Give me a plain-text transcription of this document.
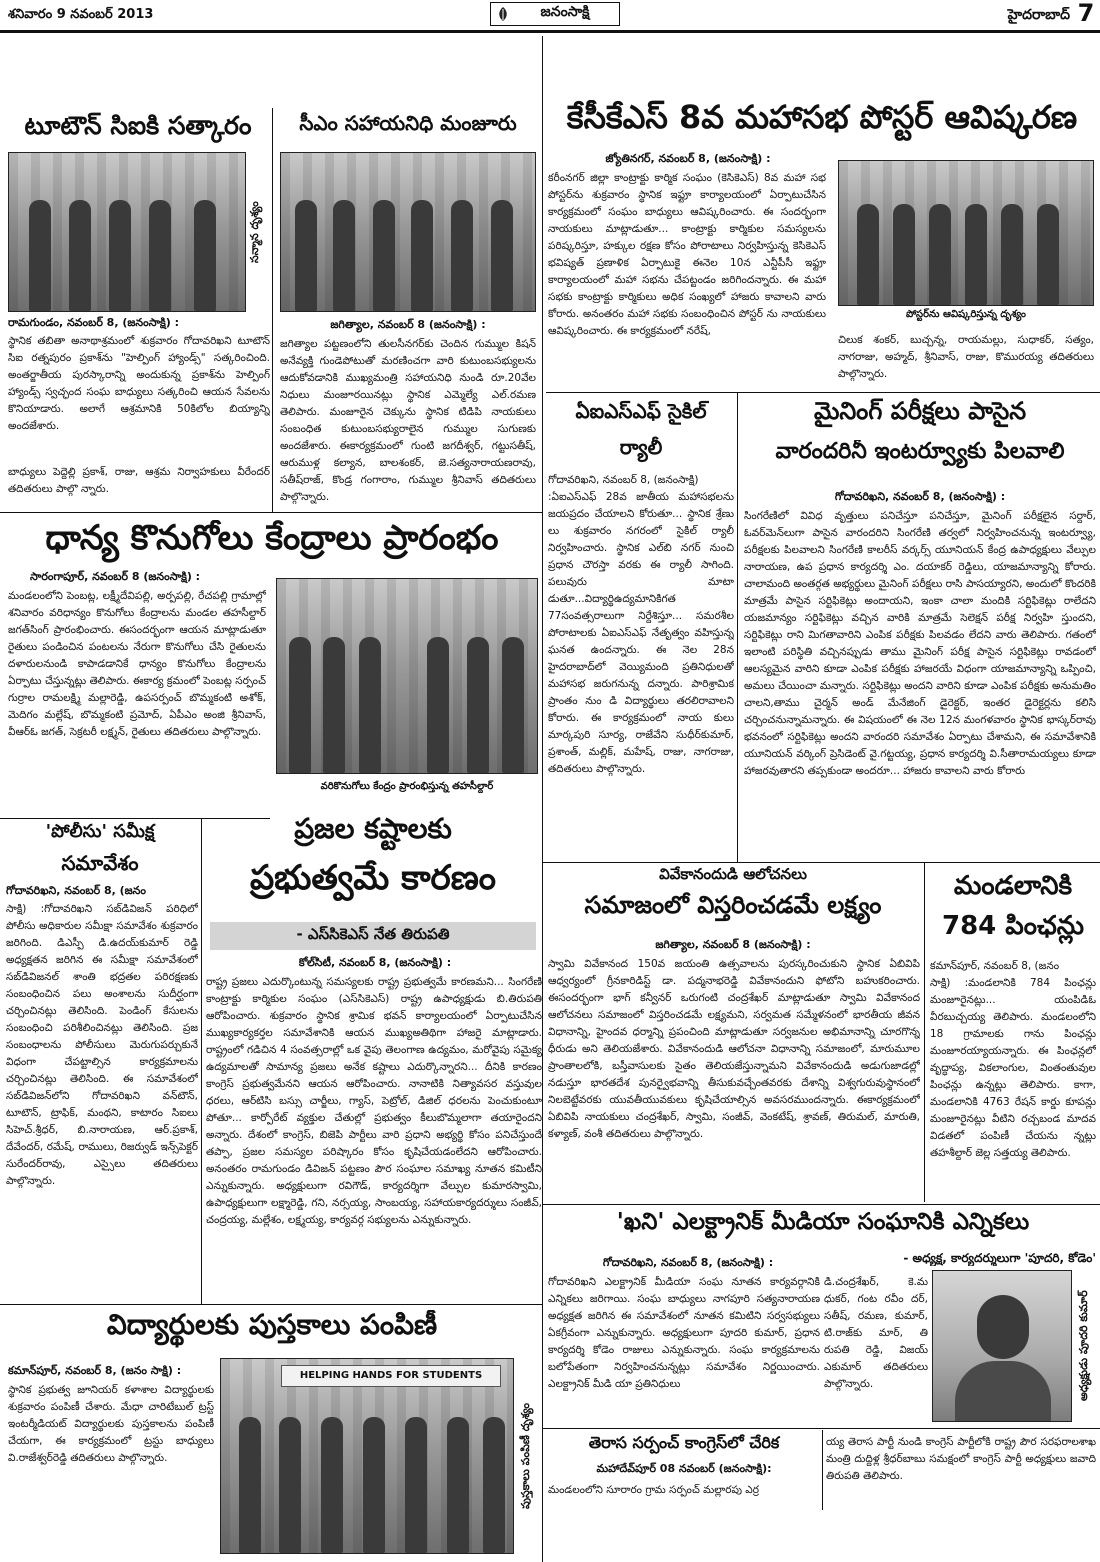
శనివారం 9 నవంబర్ 2013	జనంసాక్షి	హైదరాబాద్ 7
టూటౌన్ సిఐకి సత్కారం
సన్మాన దృశ్యం
రామగుండం, నవంబర్ 8, (జనంసాక్షి) :
స్థానిక తబితా అనాథాశ్రమంలో శుక్రవారం గోదావరిఖని టూటౌన్ సిఐ రత్నపురం ప్రకాశ్‌ను "హెల్పింగ్ హ్యాండ్స్‌" సత్కరించింది. అంతర్జాతీయ పురస్కారాన్ని అందుకున్న ప్రకాశ్‌ను హెల్పింగ్ హ్యాండ్స్ స్వచ్ఛంద సంఘ బాధ్యులు సత్కరించి ఆయన సేవలను కొనియాడారు. అలాగే ఆశ్రమానికి 50కిలోల బియ్యాన్ని అందజేశారు.
బాధ్యులు పెద్దెల్లి ప్రకాశ్, రాజు, ఆశ్రమ నిర్వాహకులు వీరేందర్ తదితరులు పాల్గొ న్నారు.
సీఎం సహాయనిధి మంజూరు
జగిత్యాల, నవంబర్ 8 (జనంసాక్షి) :
జగిత్యాల పట్టణంలోని తులసీనగర్‌కు చెందిన గుమ్ముల కిషన్ అనేవ్యక్తి గుండెపోటుతో మరణించగా వారి కుటుంబసభ్యులను ఆదుకోవడానికి ముఖ్యమంత్రి సహాయనిధి నుండి రూ.20వేల నిధులు మంజూరయినట్లు స్థానిక ఎమ్మెల్యే ఎల్.రమణ తెలిపారు. మంజూరైన చెక్కును స్థానిక టిడిపి నాయకులు సంబంధిత కుటుంబసభ్యురాలైన గుమ్ముల సుగుణకు అందజేశారు. ఈకార్యక్రమంలో గుంటి జగదీశ్వర్, గట్టుసతీష్, ఆరుముళ్ల కల్యాన, బాలశంకర్, జె.సత్యనారాయణరావు, సతీష్‌రాజ్, కొండ్ర గంగారాం, గుమ్ముల శ్రీనివాస్ తదితరులు పాల్గొన్నారు.
కేసీకేఎస్ 8వ మహాసభ పోస్టర్ ఆవిష్కరణ
జ్యోతినగర్, నవంబర్ 8, (జనంసాక్షి) :
కరీంనగర్ జిల్లా కాంట్రాక్టు కార్మిక సంఘం (కెసికెఎస్) 8వ మహా సభ పోస్టర్‌ను శుక్రవారం స్థానిక ఇఫ్టూ కార్యాలయంలో ఏర్పాటుచేసిన కార్యక్రమంలో సంఘం బాధ్యులు ఆవిష్కరించారు. ఈ సందర్భంగా నాయకులు మాట్లాడుతూ... కాంట్రాక్టు కార్మికుల సమస్యలను పరిష్కరిస్తూ, హక్కుల రక్షణ కోసం పోరాటాలు నిర్వహిస్తున్న కెసికెఎస్ భవిష్యత్ ప్రణాళిక ఏర్పాటుకై ఈనెల 10న ఎన్టీపీసీ ఇఫ్టూ కార్యాలయంలో మహా సభను చేపట్టండం జరిగిందన్నారు. ఈ మహా సభకు కాంట్రాక్టు కార్మికులు అధిక సంఖ్యలో హాజరు కావాలని వారు కోరారు. అనంతరం మహా సభకు సంబంధించిన పోస్టర్ ను నాయకులు ఆవిష్కరించారు. ఈ కార్యక్రమంలో నరేష్,
పోస్టర్‌ను ఆవిష్కరిస్తున్న దృశ్యం
చిలుక శంకర్, బుచ్చన్న, రాయమల్లు, సుధాకర్, సత్యం, నాగరాజు, అహ్మద్, శ్రీనివాస్, రాజు, కొమురయ్య తదితరులు పాల్గొన్నారు.
ఏఐఎస్ఎఫ్ సైకిల్
ర్యాలీ
గోదావరిఖని, నవంబర్ 8, (జనంసాక్షి)
:ఏఐఎస్ఎఫ్ 28వ జాతీయ మహాసభలను జయప్రదం చేయాలని కోరుతూ... స్థానిక శ్రేణు లు శుక్రవారం నగరంలో సైకిల్ ర్యాలీ నిర్వహించారు. స్థానిక ఎల్‌బి నగర్ నుంచి ప్రధాన చౌరస్తా వరకు ఈ ర్యాలీ సాగింది. పలువురు మాటా డుతూ...విద్యార్థిఉద్యమానికిగత 77సంవత్సరాలుగా నిర్దేశిస్తూ... సమరశీల పోరాటాలకు ఏఐఎస్ఎఫ్ నేతృత్వం వహిస్తున్న ఘనత ఉందన్నారు. ఈ నెల 28న హైదరాబాద్‌లో వెయ్యిమంది ప్రతినిధులతో మహాసభ జరుగనున్న దన్నారు. పారిశ్రామిక ప్రాంతం నుం డి విద్యార్థులు తరలిరావాలని కోరారు. ఈ కార్యక్రమంలో నాయ కులు మార్కపురి సూర్య, రాజేవేని సుధీర్‌కుమార్, ప్రశాంత్, మల్లిక్, మహేష్, రాజు, నాగరాజు, తదితరులు పాల్గొన్నారు.
మైనింగ్ పరీక్షలు పాసైన
వారందరినీ ఇంటర్వ్యూకు పిలవాలి
గోదావరిఖని, నవంబర్ 8, (జనంసాక్షి) :
సింగరేణిలో వివిధ వృత్తులు పనిచేస్తూ పనిచేస్తూ, మైనింగ్ పరీక్షలైన సర్దార్, ఓవర్‌మెన్‌లుగా పాసైన వారందరిని సింగరేణి తర్వలో నిర్వహించనున్న ఇంటర్వ్యూ, పరీక్షలకు పిలవాలని సింగరేణి కాలరీస్ వర్కర్స్ యూనియన్ కేంద్ర ఉపాధ్యక్షులు వేల్పుల నారాయణ, ఉప ప్రధాన కార్యదర్శి ఎం. దయాకర్ రెడ్డిలు, యాజమాన్యాన్ని కోరారు. చాలామంది అంతర్గత అభ్యర్థులు మైనింగ్ పరీక్షలు రాసి పాసయ్యారని, అందులో కొందరికి మాత్రమే పాసైన సర్టిఫికెట్లు అందాయని, ఇంకా చాలా మందికి సర్టిఫికెట్లు రాలేదని యజమాన్యం సర్టిఫికెట్లు వచ్చిన వారికి మాత్రమే సెలెక్షన్ పరీక్ష నిర్వహి స్తుందని, సర్టిఫికెట్లు రాని మిగతావారిని ఎంపిక పరీక్షకు పిలవడం లేదని వారు తెలిపారు. గతంలో ఇలాంటి పరిస్థితి వచ్చినప్పుడు తాము మైనింగ్ పరీక్ష పాసైన సర్టిఫికెట్లు రావడంలో ఆలస్యమైన వారిని కూడా ఎంపిక పరీక్షకు హాజరయే విధంగా యాజమాన్యాన్ని ఒప్పించి, అమలు చేయించా మన్నారు. సర్టిఫికెట్లు అందని వారిని కూడా ఎంపిక పరీక్షకు అనుమతిం చాలని,తాము చైర్మన్ అండ్ మేనేజింగ్ డైరెక్టర్, ఇంతర డైరెక్టర్లను కలిసి చర్చించనున్నామన్నారు. ఈ విషయంలో ఈ నెల 12న మంగళవారం స్థానిక భాస్కర్‌రావు భవనంలో సర్టిఫికెట్లు అందని వారందరి సమావేశం ఏర్పాటు చేశామని, ఈ సమావేశానికి యూనియన్ వర్కింగ్ ప్రెసిడెంట్ వై.గట్టయ్య, ప్రధాన కార్యదర్శి వి.సీతారామయ్యలు కూడా హాజరవుతారని తప్పకుండా అందరూ... హాజరు కావాలని వారు కోరారు
ధాన్య కొనుగోలు కేంద్రాలు ప్రారంభం
సారంగాపూర్, నవంబర్ 8 (జనంసాక్షి) :
మండలంలోని పెంబట్ల, లక్ష్మీదేవిపల్లి, అర్పపల్లి, రేచపల్లి గ్రామాల్లో శనివారం వరిధాన్యం కొనుగోలు కేంద్రాలను మండల తహసీల్దార్ జగత్‌సింగ్ ప్రారంభించారు. ఈసందర్భంగా ఆయన మాట్లాడుతూ రైతులు పండించిన పంటలను నేరుగా కొనుగోలు చేసి రైతులను దళారులనుండి కాపాడడానికే ధాన్యం కొనుగోలు కేంద్రాలను ఏర్పాటు చేస్తున్నట్లు తెలిపారు. ఈకార్య క్రమంలో పెంబట్ల సర్పంచ్ గుర్రాల రామలక్ష్మి మల్లారెడ్డి, ఉపసర్పంచ్ బొమ్మకంటి అశోక్, మెదిగం మల్లేష్, బొమ్మకంటి ప్రమోద్, ఏపీఎం అంజి శ్రీనివాస్, వీఆర్‌ఓ జగత్, సెక్రటరీ లక్ష్మన్, రైతులు తదితరులు పాల్గొన్నారు.
వరికొనుగోలు కేంద్రం ప్రారంభిస్తున్న తహసీల్దార్
'పోలీసు' సమీక్ష
సమావేశం
గోదావరిఖని, నవంబర్ 8, (జనం
సాక్షి) :గోదావరిఖని సబ్‌డివిజన్ పరిధిలో పోలీసు అధికారుల సమీక్షా సమావేశం శుక్రవారం జరిగింది. డిఎస్పీ డి.ఉదయ్‌కుమార్ రెడ్డి అధ్యక్షతన జరిగిన ఈ సమీక్షా సమావేశంలో సబ్‌డివిజనల్ శాంతి భద్రతల పరిరక్షణకు సంబంధించిన పలు అంశాలను సుదీర్ఘంగా చర్చించినట్లు తెలిసింది. పెండింగ్ కేసులను సంబంధించి పరిశీలించినట్లు తెలిసింది. ప్రజ సంబంధాలను పోలీసులు మెరుగుపర్చుకునే విధంగా చేపట్టాల్సిన కార్యక్రమాలను చర్చించినట్లు తెలిసింది. ఈ సమావేశంలో సబ్‌డివిజన్‌లోని గోదావరిఖని వన్‌టౌన్, టూటౌన్, ట్రాఫిక్, మంథని, కాటారం సిఐలు సిహెచ్.శ్రీధర్, బి.నారాయణ, ఆర్.ప్రకాశ్, దేవేందర్, రమేష్, రాములు, రిజర్వుడ్ ఇన్స్‌పెక్టర్ సురేందర్‌రావు, ఎస్సైలు తదితరులు పాల్గొన్నారు.
ప్రజల కష్టాలకు
ప్రభుత్వమే కారణం
- ఎస్‌సికెఎస్ నేత తిరుపతి
కోల్‌సిటీ, నవంబర్ 8, (జనంసాక్షి) :
రాష్ట్ర ప్రజలు ఎదుర్కొంటున్న సమస్యలకు రాష్ట్ర ప్రభుత్వమే కారణమని... సింగరేణి కాంట్రాక్టు కార్మికుల సంఘం (ఎస్‌సికెఎస్) రాష్ట్ర ఉపాధ్యక్షుడు బి.తిరుపతి ఆరోపించారు. శుక్రవారం స్థానిక శ్రామిక భవన్ కార్యాలయంలో ఏర్పాటుచేసిన ముఖ్యకార్యకర్తల సమావేశానికి ఆయన ముఖ్యఅతిథిగా హాజరై మాట్లాడారు. రాష్ట్రంలో గడిచిన 4 సంవత్సరాల్లో ఒక వైపు తెలంగాణ ఉద్యమం, మరోవైపు సమైక్య ఉద్యమాలతో సామాన్య ప్రజలు అనేక కష్టాలు ఎదుర్కొన్నారని... దీనికి కారణం కాంగ్రెస్ ప్రభుత్వమేనని ఆయన ఆరోపించారు. నానాటికి నిత్యావసర వస్తువుల ధరలు, ఆర్‌టిసి బస్సు చార్జీలు, గ్యాస్, పెట్రోల్, డిజిల్ ధరలను పెంచుకుంటూ పోతూ... కార్పోరేట్ వ్యక్తుల చేతుల్లో ప్రభుత్వం కీలుబొమ్మలాగా తయారైందని అన్నారు. దేశంలో కాంగ్రెస్, బిజెపి పార్టీలు వారి ప్రధాని అభ్యర్థి కోసం పనిచేస్తుందే తప్పా, ప్రజల సమస్యల పరిష్కారం కోసం కృషిచేయడంలేదని ఆరోపించారు. అనంతరం రామగుండం డివిజన్ పట్టణం పౌర సంఘాల సమాఖ్య నూతన కమిటీని ఎన్నుకున్నారు. అధ్యక్షులుగా రవిగౌడ్, కార్యదర్శిగా వేల్పుల కుమారస్వామి, ఉపాధ్యక్షులుగా లక్ష్మారెడ్డి, గని, నర్సయ్య, సాంబయ్య, సహాయకార్యదర్శులు సంజీవ్, చంద్రయ్య, మల్లేశం, లక్ష్మయ్య, కార్యవర్గ సభ్యులను ఎన్నుకున్నారు.
వివేకానందుడి ఆలోచనలు
సమాజంలో విస్తరించడమే లక్ష్యం
జగిత్యాల, నవంబర్ 8 (జనంసాక్షి) :
స్వామి వివేకానంద 150వ జయంతి ఉత్సవాలను పురస్కరించుకుని స్థానిక ఏబివిపి ఆధ్వర్యంలో గ్రీనకారిడిస్ట్ డా. పద్మనాభరెడ్డి వివేకానందుని ఫోటోని బహుకరించారు. ఈసందర్భంగా భాగ్ కన్వీనర్ ఒరుగంటి చంద్రశేఖర్ మాట్లాడుతూ స్వామి వివేకానంద ఆలోచనలు సమాజంలో విస్తరించడమే లక్ష్యమని, సర్వమత సమ్మేళనంలో భారతీయ జీవన విధానాన్ని, హైందవ ధర్మాన్ని ప్రపంచింది మాట్లాడుతూ సర్వజనుల అభిమానాన్ని చూరగొన్న ధీరుడు అని తెలియజేశారు. వివేకానందుడి ఆలోచనా విధానాన్ని సమాజంలో, మారుమూల ప్రాంతాలలోకి, బస్తీవాసులకు సైతం తెలియజేస్తున్నామని వివేకానందుడి అడుగుజాడల్లో నడుస్తూ భారతదేశ పునర్వైభవాన్ని తీసుకువచ్చేంతవరకు దేశాన్ని విశ్వగురువుస్థానంలో నిలబెట్టేవరకు యువతీయువకులు కృషిచేయాల్సిన అవసరముందన్నారు. ఈకార్యక్రమంలో ఏబివిపి నాయకులు చంద్రశేఖర్, స్వామి, సంజీవ్, వెంకటేష్, శ్రావణ్, తిరుమల్, మారుతి, కళ్యాణ్, వంశీ తదితరులు పాల్గొన్నారు.
మండలానికి
784 పింఛన్లు
కమాన్‌పూర్, నవంబర్ 8, (జనం
సాక్షి) :మండలానికి 784 పింఛన్లు మంజూరైనట్లు... యంపిడిఓ వీరబుచ్చయ్య తెలిపారు. మండలంలోని 18 గ్రామాలకు గాను పింఛన్లు మంజూరయ్యాయన్నారు. ఈ పింఛన్లలో వృద్ధాప్య, వికలాంగుల, వింతంతువుల పింఛన్లు ఉన్నట్లు తెలిపారు. కాగా, మండలానికి 4763 రేషన్ కార్డు కూపన్లు మంజూరైనట్లు వీటిని రచ్చబండ మాదవ విడతలో పంపిణీ చేయను న్నట్లు తహశీల్దార్ జెల్ల సత్తయ్య తెలిపారు.
'ఖని' ఎలక్ట్రానిక్ మీడియా సంఘానికి ఎన్నికలు
గోదావరిఖని, నవంబర్ 8, (జనంసాక్షి) :	- అధ్యక్ష, కార్యదర్శులుగా 'పూదరి, కోడెం'
గోదావరిఖని ఎలక్ట్రానిక్ మీడియా సంఘ నూతన కార్యవర్గానికి ఎన్నికలు జరిగాయి. సంఘ బాధ్యులు నాగపూరి సత్యనారాయణ అధ్యక్షత జరిగిన ఈ సమావేశంలో నూతన కమిటిని సర్వసభ్యులు ఏకగ్రీవంగా ఎన్నుకున్నారు. అధ్యక్షులుగా పూదరి కుమార్, ప్రధాన కార్యదర్శి కోడెం రాజులు ఎన్నుకున్నారు. సంఘ కార్యక్రమాలను బలోపేతంగా నిర్వహించనున్నట్లు సమావేశం నిర్ణయించారు. ఎలక్ట్రానిక్ మీడి యా ప్రతినిధులు
డి.చంద్రశేఖర్, కె.మ ధుకర్, గంట రవీం దర్, సతీష్, రమణ, కుమార్, టి.రాజ్‌కు మార్, తి రుపతి రెడ్డి, విజయ్ ఎకుమార్ తదితరులు పాల్గొన్నారు.	అధ్యక్షుడు పూదరి కుమార్
విద్యార్థులకు పుస్తకాలు పంపిణీ
కమాన్‌పూర్, నవంబర్ 8, (జనం సాక్షి) :
స్థానిక ప్రభుత్వ జూనియర్ కళాశాల విద్యార్థులకు శుక్రవారం పంపిణీ చేశారు. మేధా చారిటేబుల్ ట్రస్ట్ ఇంటర్మీడియట్ విద్యార్థులకు పుస్తకాలను పంపిణీ చేయగా, ఈ కార్యక్రమంలో ట్రస్టు బాధ్యులు వి.రాజేశ్వర్‌రెడ్డి తదితరులు పాల్గొన్నారు.
HELPING HANDS FOR STUDENTS
పుస్తకాలు పంపిణీ దృశ్యం	తెరాస సర్పంచ్ కాంగ్రెస్‌లో చేరిక
మహాదేవ్‌పూర్ 08 నవంబర్ (జనంసాక్షి):
మండలంలోని సూరారం గ్రామ సర్పంచ్ మల్లారపు ఎర్ర
య్య తెరాస పార్టీ నుండి కాంగ్రెస్ పార్టీలోకి రాష్ట్ర పౌర సరఫరాలశాఖ మంత్రి దుద్దిళ్ల శ్రీధర్‌బాబు సమక్షంలో కాంగ్రెస్ పార్టీ అధ్యక్షులు జవాది తిరుపతి తెలిపారు.
